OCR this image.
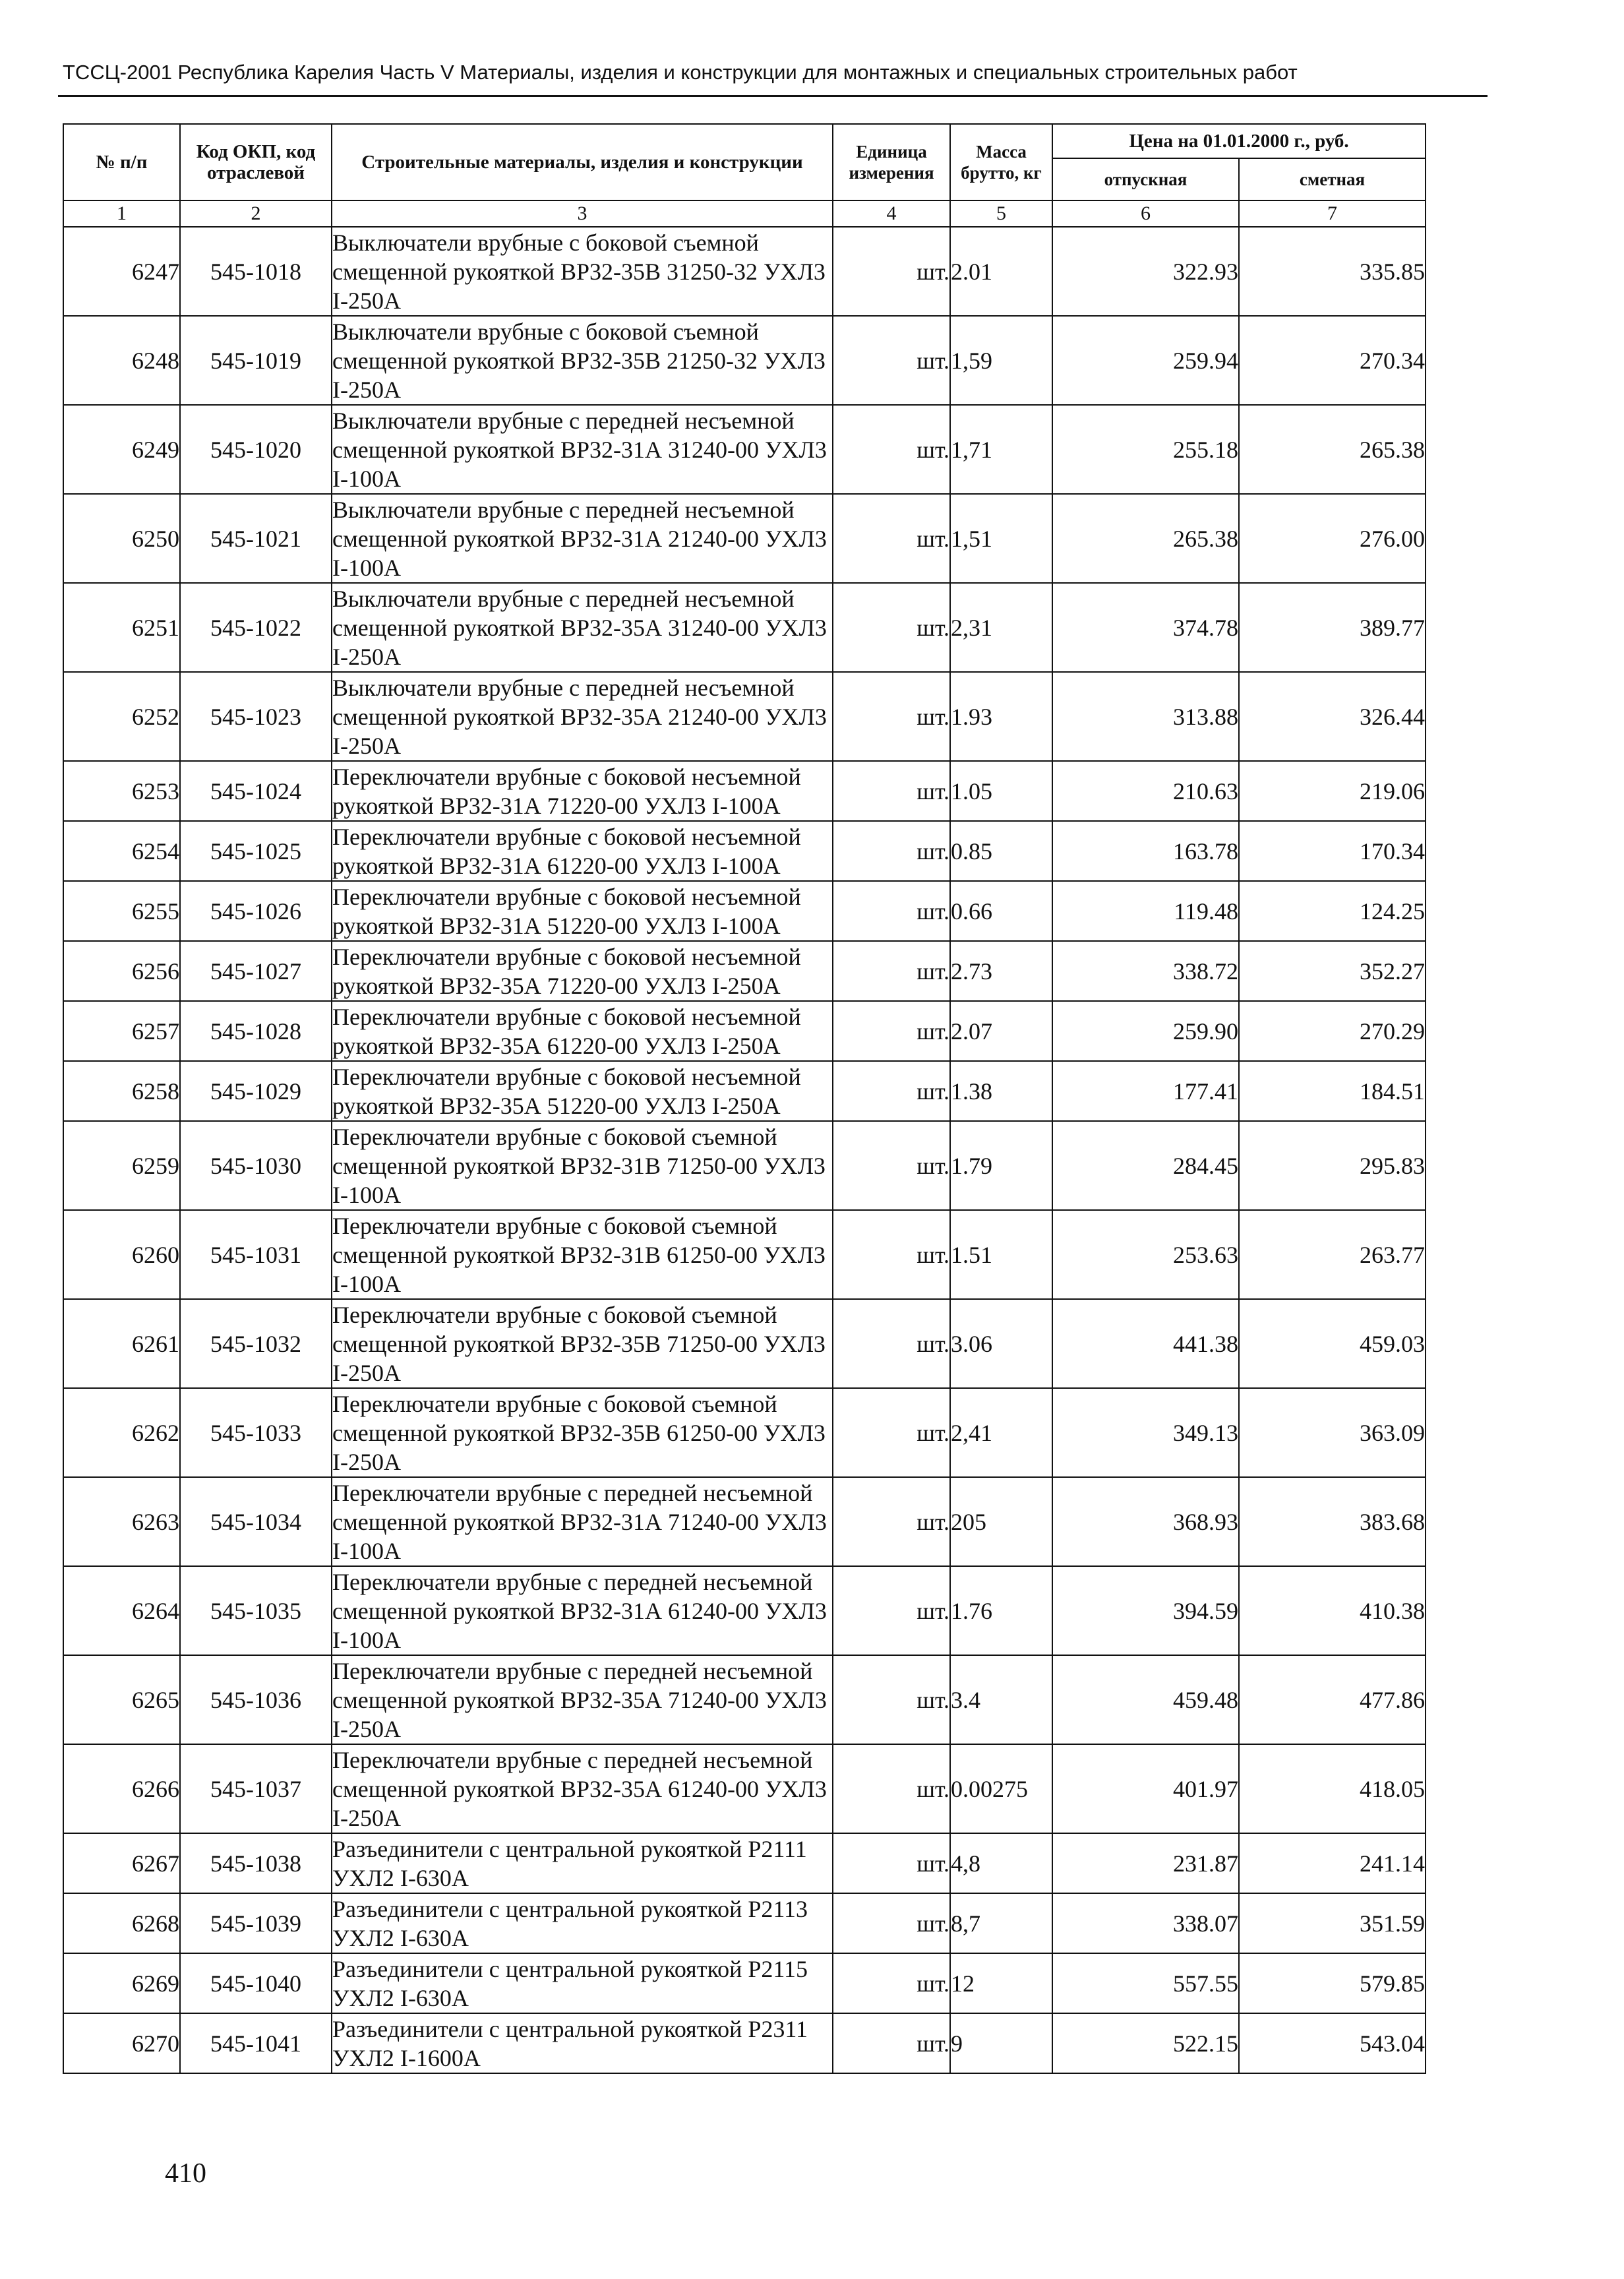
ТССЦ-2001 Республика Карелия Часть V Материалы, изделия и конструкции для монтажных и специальных строительных работ
№ п/п	Код ОКП, код отраслевой	Строительные материалы, изделия и конструкции	Единица измерения	Масса брутто, кг	Цена на 01.01.2000 г., руб.	
					отпускная	сметная
1	2	3	4	5	6	7
6247	545-1018	Выключатели врубные с боковой съемной смещенной рукояткой ВР32-35В 31250-32 УХЛ3 I-250А	шт.	2.01	322.93	335.85
6248	545-1019	Выключатели врубные с боковой съемной смещенной рукояткой ВР32-35В 21250-32 УХЛ3 I-250А	шт.	1,59	259.94	270.34
6249	545-1020	Выключатели врубные с передней несъемной смещенной рукояткой ВР32-31А 31240-00 УХЛ3 I-100А	шт.	1,71	255.18	265.38
6250	545-1021	Выключатели врубные с передней несъемной смещенной рукояткой ВР32-31А 21240-00 УХЛ3 I-100А	шт.	1,51	265.38	276.00
6251	545-1022	Выключатели врубные с передней несъемной смещенной рукояткой ВР32-35А 31240-00 УХЛ3 I-250А	шт.	2,31	374.78	389.77
6252	545-1023	Выключатели врубные с передней несъемной смещенной рукояткой ВР32-35А 21240-00 УХЛ3 I-250А	шт.	1.93	313.88	326.44
6253	545-1024	Переключатели врубные с боковой несъемной рукояткой ВР32-31А 71220-00 УХЛ3 I-100А	шт.	1.05	210.63	219.06
6254	545-1025	Переключатели врубные с боковой несъемной рукояткой ВР32-31А 61220-00 УХЛ3 I-100А	шт.	0.85	163.78	170.34
6255	545-1026	Переключатели врубные с боковой несъемной рукояткой ВР32-31А 51220-00 УХЛ3 I-100А	шт.	0.66	119.48	124.25
6256	545-1027	Переключатели врубные с боковой несъемной рукояткой ВР32-35А 71220-00 УХЛ3 I-250А	шт.	2.73	338.72	352.27
6257	545-1028	Переключатели врубные с боковой несъемной рукояткой ВР32-35А 61220-00 УХЛ3 I-250А	шт.	2.07	259.90	270.29
6258	545-1029	Переключатели врубные с боковой несъемной рукояткой ВР32-35А 51220-00 УХЛ3 I-250А	шт.	1.38	177.41	184.51
6259	545-1030	Переключатели врубные с боковой съемной смещенной рукояткой ВР32-31В 71250-00 УХЛ3 I-100А	шт.	1.79	284.45	295.83
6260	545-1031	Переключатели врубные с боковой съемной смещенной рукояткой ВР32-31В 61250-00 УХЛ3 I-100А	шт.	1.51	253.63	263.77
6261	545-1032	Переключатели врубные с боковой съемной смещенной рукояткой ВР32-35В 71250-00 УХЛ3 I-250А	шт.	3.06	441.38	459.03
6262	545-1033	Переключатели врубные с боковой съемной смещенной рукояткой ВР32-35В 61250-00 УХЛ3 I-250А	шт.	2,41	349.13	363.09
6263	545-1034	Переключатели врубные с передней несъемной смещенной рукояткой ВР32-31А 71240-00 УХЛ3 I-100А	шт.	205	368.93	383.68
6264	545-1035	Переключатели врубные с передней несъемной смещенной рукояткой ВР32-31А 61240-00 УХЛ3 I-100А	шт.	1.76	394.59	410.38
6265	545-1036	Переключатели врубные с передней несъемной смещенной рукояткой ВР32-35А 71240-00 УХЛ3 I-250А	шт.	3.4	459.48	477.86
6266	545-1037	Переключатели врубные с передней несъемной смещенной рукояткой ВР32-35А 61240-00 УХЛ3 I-250А	шт.	0.00275	401.97	418.05
6267	545-1038	Разъединители с центральной рукояткой Р2111 УХЛ2 I-630А	шт.	4,8	231.87	241.14
6268	545-1039	Разъединители с центральной рукояткой Р2113 УХЛ2 I-630А	шт.	8,7	338.07	351.59
6269	545-1040	Разъединители с центральной рукояткой Р2115 УХЛ2 I-630А	шт.	12	557.55	579.85
6270	545-1041	Разъединители с центральной рукояткой Р2311 УХЛ2 I-1600А	шт.	9	522.15	543.04
410
